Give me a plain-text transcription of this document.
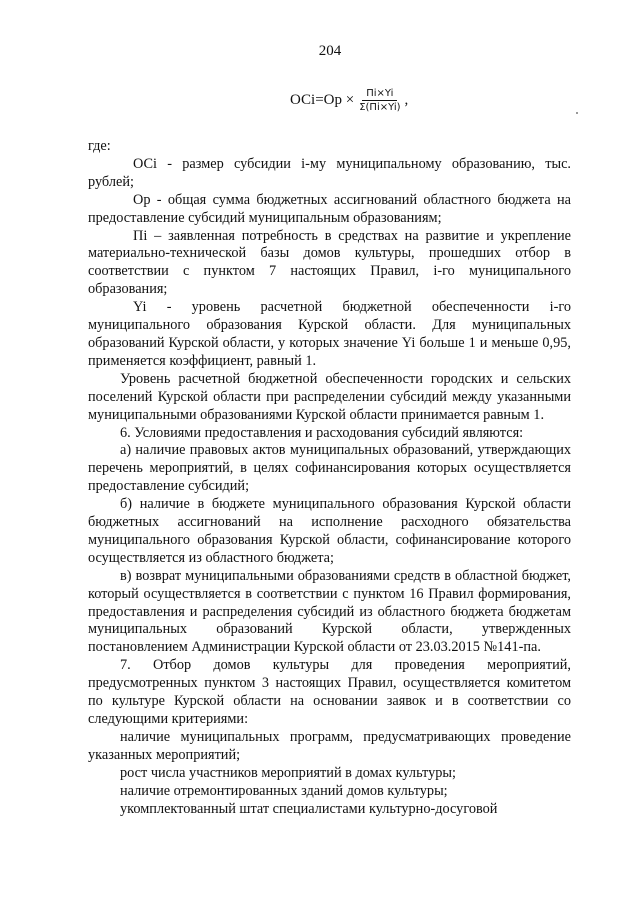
204
$ОСi=Ор \times \frac{Пi\times Yi}{\Sigma(Пi\times Yi)}$ ,

где:

ОСi - размер субсидии i-му муниципальному образованию, тыс. рублей;

Ор - общая сумма бюджетных ассигнований областного бюджета на предоставление субсидий муниципальным образованиям;

Пi – заявленная потребность в средствах на развитие и укрепление материально-технической базы домов культуры, прошедших отбор в соответствии с пунктом 7 настоящих Правил, i-го муниципального образования;

Yi - уровень расчетной бюджетной обеспеченности i-го муниципального образования Курской области. Для муниципальных образований Курской области, у которых значение Yi больше 1 и меньше 0,95, применяется коэффициент, равный 1.

Уровень расчетной бюджетной обеспеченности городских и сельских поселений Курской области при распределении субсидий между указанными муниципальными образованиями Курской области принимается равным 1.

6. Условиями предоставления и расходования субсидий являются:

а) наличие правовых актов муниципальных образований, утверждающих перечень мероприятий, в целях софинансирования которых осуществляется предоставление субсидий;

б) наличие в бюджете муниципального образования Курской области бюджетных ассигнований на исполнение расходного обязательства муниципального образования Курской области, софинансирование которого осуществляется из областного бюджета;

в) возврат муниципальными образованиями средств в областной бюджет, который осуществляется в соответствии с пунктом 16 Правил формирования, предоставления и распределения субсидий из областного бюджета бюджетам муниципальных образований Курской области, утвержденных постановлением Администрации Курской области от 23.03.2015 №141-па.

7. Отбор домов культуры для проведения мероприятий, предусмотренных пунктом 3 настоящих Правил, осуществляется комитетом по культуре Курской области на основании заявок и в соответствии со следующими критериями:

наличие муниципальных программ, предусматривающих проведение указанных мероприятий;

рост числа участников мероприятий в домах культуры;

наличие отремонтированных зданий домов культуры;

укомплектованный штат специалистами культурно-досуговой
